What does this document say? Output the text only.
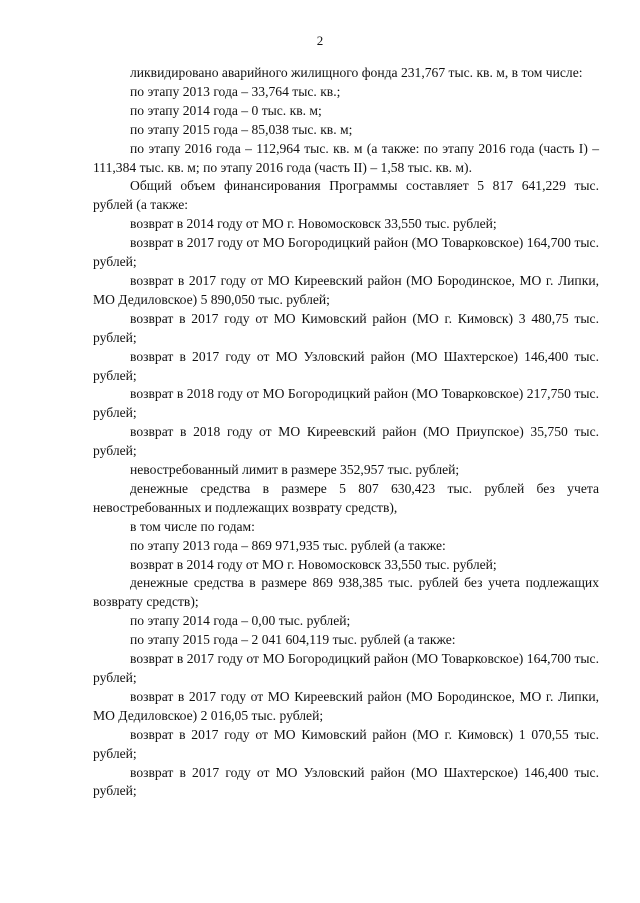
2

ликвидировано аварийного жилищного фонда 231,767 тыс. кв. м, в том числе:

по этапу 2013 года – 33,764 тыс. кв.;

по этапу 2014 года – 0 тыс. кв. м;

по этапу 2015 года – 85,038 тыс. кв. м;

по этапу 2016 года – 112,964 тыс. кв. м (а также: по этапу 2016 года (часть I) – 111,384 тыс. кв. м; по этапу 2016 года (часть II) – 1,58 тыс. кв. м).

Общий объем финансирования Программы составляет 5 817 641,229 тыс. рублей (а также:

возврат в 2014 году от МО г. Новомосковск 33,550 тыс. рублей;

возврат в 2017 году от МО Богородицкий район (МО Товарковское) 164,700 тыс. рублей;

возврат в 2017 году от МО Киреевский район (МО Бородинское, МО г. Липки, МО Дедиловское) 5 890,050 тыс. рублей;

возврат в 2017 году от МО Кимовский район (МО г. Кимовск) 3 480,75 тыс. рублей;

возврат в 2017 году от МО Узловский район (МО Шахтерское) 146,400 тыс. рублей;

возврат в 2018 году от МО Богородицкий район (МО Товарковское) 217,750 тыс. рублей;

возврат в 2018 году от МО Киреевский район (МО Приупское) 35,750 тыс. рублей;

невостребованный лимит в размере 352,957 тыс. рублей;

денежные средства в размере 5 807 630,423 тыс. рублей без учета невостребованных и подлежащих возврату средств),

в том числе по годам:

по этапу 2013 года – 869 971,935 тыс. рублей (а также:

возврат в 2014 году от МО г. Новомосковск 33,550 тыс. рублей;

денежные средства в размере 869 938,385 тыс. рублей без учета подлежащих возврату средств);

по этапу 2014 года – 0,00 тыс. рублей;

по этапу 2015 года – 2 041 604,119 тыс. рублей (а также:

возврат в 2017 году от МО Богородицкий район (МО Товарковское) 164,700 тыс. рублей;

возврат в 2017 году от МО Киреевский район (МО Бородинское, МО г. Липки, МО Дедиловское) 2 016,05 тыс. рублей;

возврат в 2017 году от МО Кимовский район (МО г. Кимовск) 1 070,55 тыс. рублей;

возврат в 2017 году от МО Узловский район (МО Шахтерское) 146,400 тыс. рублей;
